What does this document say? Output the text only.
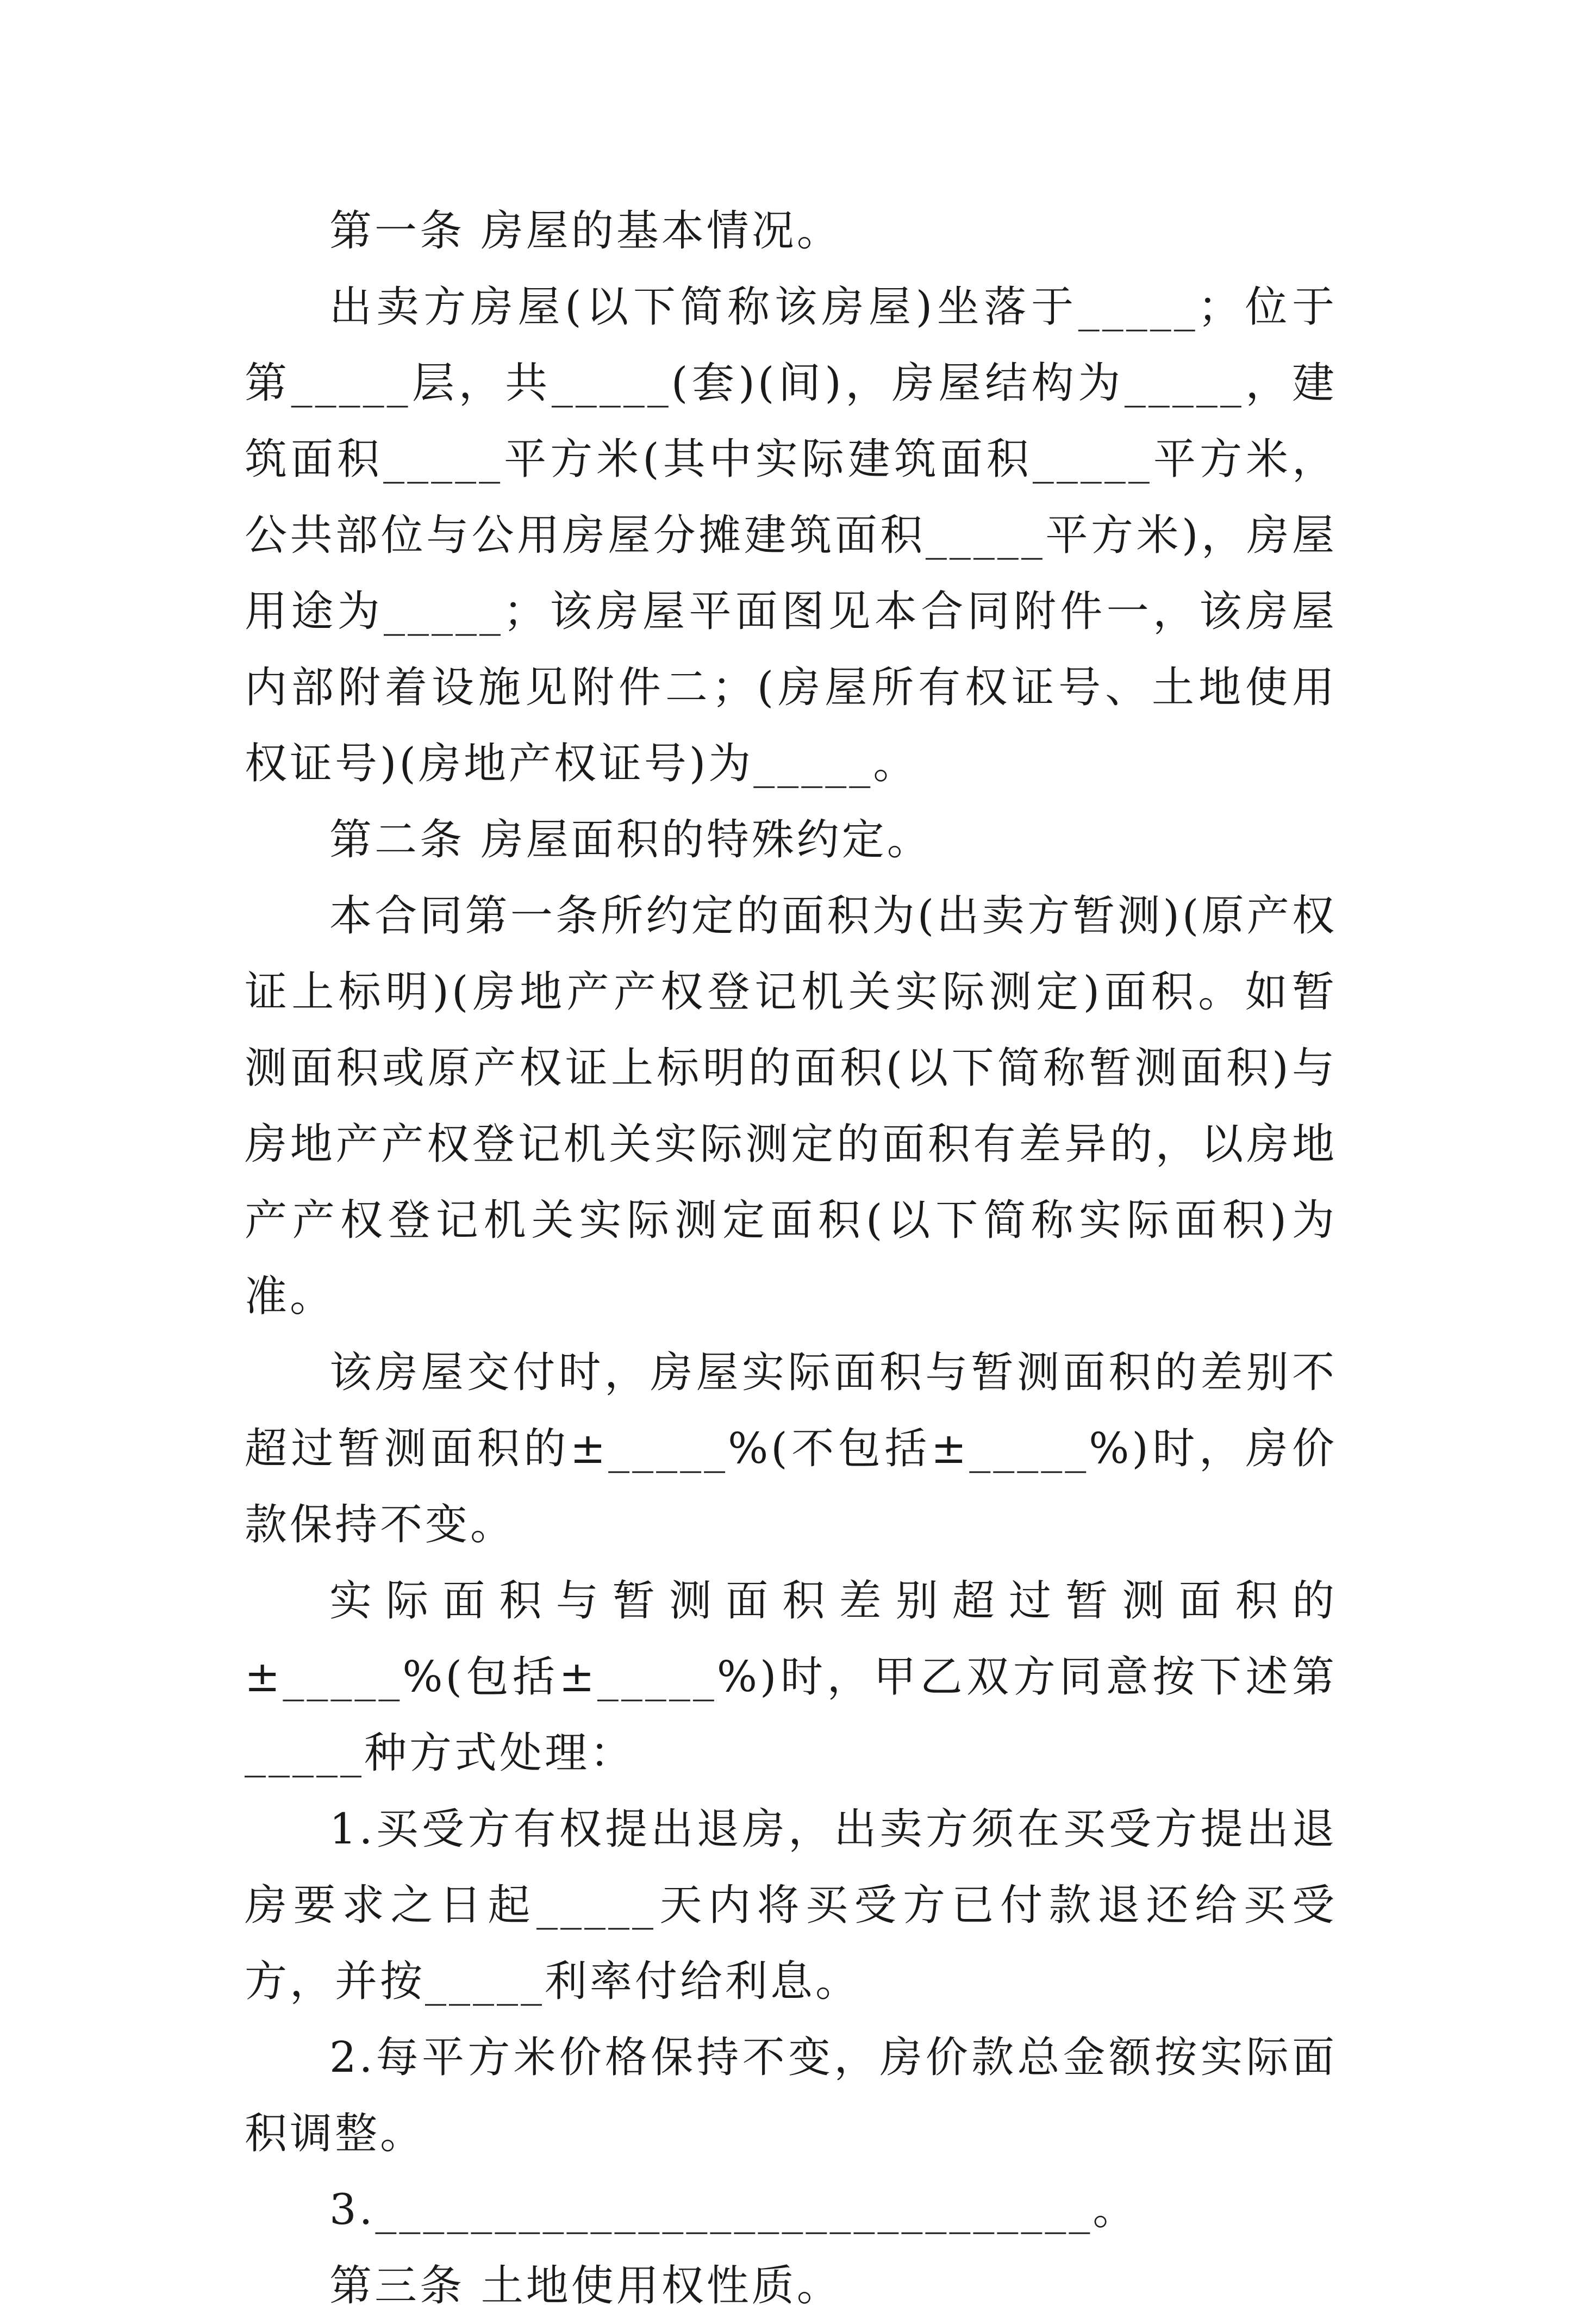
第一条 房屋的基本情况。

出卖方房屋(以下简称该房屋)坐落于_____；位于第_____层，共_____(套)(间)，房屋结构为_____，建筑面积_____平方米(其中实际建筑面积_____平方米，公共部位与公用房屋分摊建筑面积_____平方米)，房屋用途为_____；该房屋平面图见本合同附件一，该房屋内部附着设施见附件二；(房屋所有权证号、土地使用权证号)(房地产权证号)为_____。

第二条 房屋面积的特殊约定。

本合同第一条所约定的面积为(出卖方暂测)(原产权证上标明)(房地产产权登记机关实际测定)面积。如暂测面积或原产权证上标明的面积(以下简称暂测面积)与房地产产权登记机关实际测定的面积有差异的，以房地产产权登记机关实际测定面积(以下简称实际面积)为准。

该房屋交付时，房屋实际面积与暂测面积的差别不超过暂测面积的±_____%(不包括±_____%)时，房价款保持不变。

实际面积与暂测面积差别超过暂测面积的±_____%(包括±_____%)时，甲乙双方同意按下述第_____种方式处理：

1.买受方有权提出退房，出卖方须在买受方提出退房要求之日起_____天内将买受方已付款退还给买受方，并按_____利率付给利息。

2.每平方米价格保持不变，房价款总金额按实际面积调整。

3.______________________________。

第三条 土地使用权性质。
